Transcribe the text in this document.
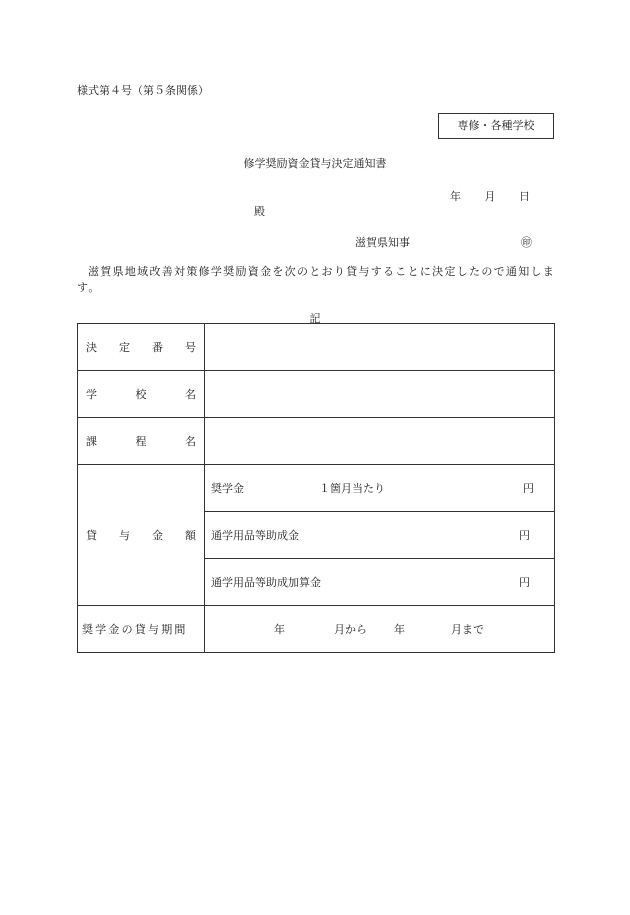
様式第４号（第５条関係）
専修・各種学校
修学奨励資金貸与決定通知書
年 月 日
殿
滋賀県知事	㊞
滋賀県地域改善対策修学奨励資金を次のとおり貸与することに決定したので通知します。
記
決 定 番 号	

学 校 名	

課 程 名	

貸 与 金 額	奨学金 １箇月当たり 円

	通学用品等助成金 円

	通学用品等助成加算金 円

奨学金の貸与期間	年 月から 年 月まで
